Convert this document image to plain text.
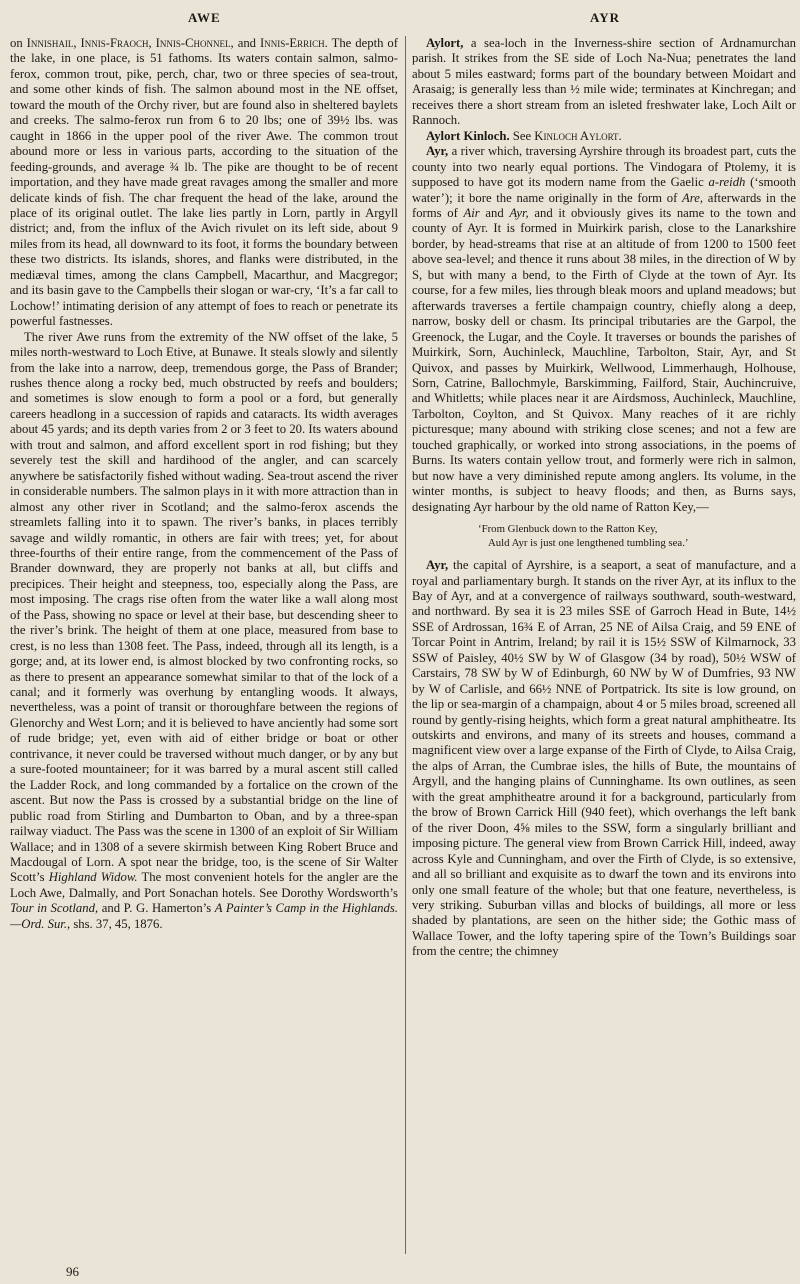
AWE	AYR

on Innishail, Innis-Fraoch, Innis-Chonnel, and Innis-Errich. The depth of the lake, in one place, is 51 fathoms. Its waters contain salmon, salmo-ferox, common trout, pike, perch, char, two or three species of sea-trout, and some other kinds of fish. The salmon abound most in the NE offset, toward the mouth of the Orchy river, but are found also in sheltered baylets and creeks. The salmo-ferox run from 6 to 20 lbs; one of 39½ lbs. was caught in 1866 in the upper pool of the river Awe. The common trout abound more or less in various parts, according to the situation of the feeding-grounds, and average ¾ lb. The pike are thought to be of recent importation, and they have made great ravages among the smaller and more delicate kinds of fish. The char frequent the head of the lake, around the place of its original outlet. The lake lies partly in Lorn, partly in Argyll district; and, from the influx of the Avich rivulet on its left side, about 9 miles from its head, all downward to its foot, it forms the boundary between these two districts. Its islands, shores, and flanks were distributed, in the mediæval times, among the clans Campbell, Macarthur, and Macgregor; and its basin gave to the Campbells their slogan or war-cry, ‘It’s a far call to Lochow!’ intimating derision of any attempt of foes to reach or penetrate its powerful fastnesses.

The river Awe runs from the extremity of the NW offset of the lake, 5 miles north-westward to Loch Etive, at Bunawe. It steals slowly and silently from the lake into a narrow, deep, tremendous gorge, the Pass of Brander; rushes thence along a rocky bed, much obstructed by reefs and boulders; and sometimes is slow enough to form a pool or a ford, but generally careers headlong in a succession of rapids and cataracts. Its width averages about 45 yards; and its depth varies from 2 or 3 feet to 20. Its waters abound with trout and salmon, and afford excellent sport in rod fishing; but they severely test the skill and hardihood of the angler, and can scarcely anywhere be satisfactorily fished without wading. Sea-trout ascend the river in considerable numbers. The salmon plays in it with more attraction than in almost any other river in Scotland; and the salmo-ferox ascends the streamlets falling into it to spawn. The river’s banks, in places terribly savage and wildly romantic, in others are fair with trees; yet, for about three-fourths of their entire range, from the commencement of the Pass of Brander downward, they are properly not banks at all, but cliffs and precipices. Their height and steepness, too, especially along the Pass, are most imposing. The crags rise often from the water like a wall along most of the Pass, showing no space or level at their base, but descending sheer to the river’s brink. The height of them at one place, measured from base to crest, is no less than 1308 feet. The Pass, indeed, through all its length, is a gorge; and, at its lower end, is almost blocked by two confronting rocks, so as there to present an appearance somewhat similar to that of the lock of a canal; and it formerly was overhung by entangling woods. It always, nevertheless, was a point of transit or thoroughfare between the regions of Glenorchy and West Lorn; and it is believed to have anciently had some sort of rude bridge; yet, even with aid of either bridge or boat or other contrivance, it never could be traversed without much danger, or by any but a sure-footed mountaineer; for it was barred by a mural ascent still called the Ladder Rock, and long commanded by a fortalice on the crown of the ascent. But now the Pass is crossed by a substantial bridge on the line of public road from Stirling and Dumbarton to Oban, and by a three-span railway viaduct. The Pass was the scene in 1300 of an exploit of Sir William Wallace; and in 1308 of a severe skirmish between King Robert Bruce and Macdougal of Lorn. A spot near the bridge, too, is the scene of Sir Walter Scott’s Highland Widow. The most convenient hotels for the angler are the Loch Awe, Dalmally, and Port Sonachan hotels. See Dorothy Wordsworth’s Tour in Scotland, and P. G. Hamerton’s A Painter’s Camp in the Highlands.—Ord. Sur., shs. 37, 45, 1876.

Aylort, a sea-loch in the Inverness-shire section of Ardnamurchan parish. It strikes from the SE side of Loch Na-Nua; penetrates the land about 5 miles eastward; forms part of the boundary between Moidart and Arasaig; is generally less than ½ mile wide; terminates at Kinchregan; and receives there a short stream from an isleted freshwater lake, Loch Ailt or Rannoch.

Aylort Kinloch. See Kinloch Aylort.

Ayr, a river which, traversing Ayrshire through its broadest part, cuts the county into two nearly equal portions. The Vindogara of Ptolemy, it is supposed to have got its modern name from the Gaelic a-reidh (‘smooth water’); it bore the name originally in the form of Are, afterwards in the forms of Air and Ayr, and it obviously gives its name to the town and county of Ayr. It is formed in Muirkirk parish, close to the Lanarkshire border, by head-streams that rise at an altitude of from 1200 to 1500 feet above sea-level; and thence it runs about 38 miles, in the direction of W by S, but with many a bend, to the Firth of Clyde at the town of Ayr. Its course, for a few miles, lies through bleak moors and upland meadows; but afterwards traverses a fertile champaign country, chiefly along a deep, narrow, bosky dell or chasm. Its principal tributaries are the Garpol, the Greenock, the Lugar, and the Coyle. It traverses or bounds the parishes of Muirkirk, Sorn, Auchinleck, Mauchline, Tarbolton, Stair, Ayr, and St Quivox, and passes by Muirkirk, Wellwood, Limmerhaugh, Holhouse, Sorn, Catrine, Ballochmyle, Barskimming, Failford, Stair, Auchincruive, and Whitletts; while places near it are Airdsmoss, Auchinleck, Mauchline, Tarbolton, Coylton, and St Quivox. Many reaches of it are richly picturesque; many abound with striking close scenes; and not a few are touched graphically, or worked into strong associations, in the poems of Burns. Its waters contain yellow trout, and formerly were rich in salmon, but now have a very diminished repute among anglers. Its volume, in the winter months, is subject to heavy floods; and then, as Burns says, designating Ayr harbour by the old name of Ratton Key,—

‘From Glenbuck down to the Ratton Key,
Auld Ayr is just one lengthened tumbling sea.’

Ayr, the capital of Ayrshire, is a seaport, a seat of manufacture, and a royal and parliamentary burgh. It stands on the river Ayr, at its influx to the Bay of Ayr, and at a convergence of railways southward, south-westward, and northward. By sea it is 23 miles SSE of Garroch Head in Bute, 14½ SSE of Ardrossan, 16¾ E of Arran, 25 NE of Ailsa Craig, and 59 ENE of Torcar Point in Antrim, Ireland; by rail it is 15½ SSW of Kilmarnock, 33 SSW of Paisley, 40½ SW by W of Glasgow (34 by road), 50½ WSW of Carstairs, 78 SW by W of Edinburgh, 60 NW by W of Dumfries, 93 NW by W of Carlisle, and 66½ NNE of Portpatrick. Its site is low ground, on the lip or sea-margin of a champaign, about 4 or 5 miles broad, screened all round by gently-rising heights, which form a great natural amphitheatre. Its outskirts and environs, and many of its streets and houses, command a magnificent view over a large expanse of the Firth of Clyde, to Ailsa Craig, the alps of Arran, the Cumbrae isles, the hills of Bute, the mountains of Argyll, and the hanging plains of Cunninghame. Its own outlines, as seen with the great amphitheatre around it for a background, particularly from the brow of Brown Carrick Hill (940 feet), which overhangs the left bank of the river Doon, 4⅝ miles to the SSW, form a singularly brilliant and imposing picture. The general view from Brown Carrick Hill, indeed, away across Kyle and Cunningham, and over the Firth of Clyde, is so extensive, and all so brilliant and exquisite as to dwarf the town and its environs into only one small feature of the whole; but that one feature, nevertheless, is very striking. Suburban villas and blocks of buildings, all more or less shaded by plantations, are seen on the hither side; the Gothic mass of Wallace Tower, and the lofty tapering spire of the Town’s Buildings soar from the centre; the chimney

96
